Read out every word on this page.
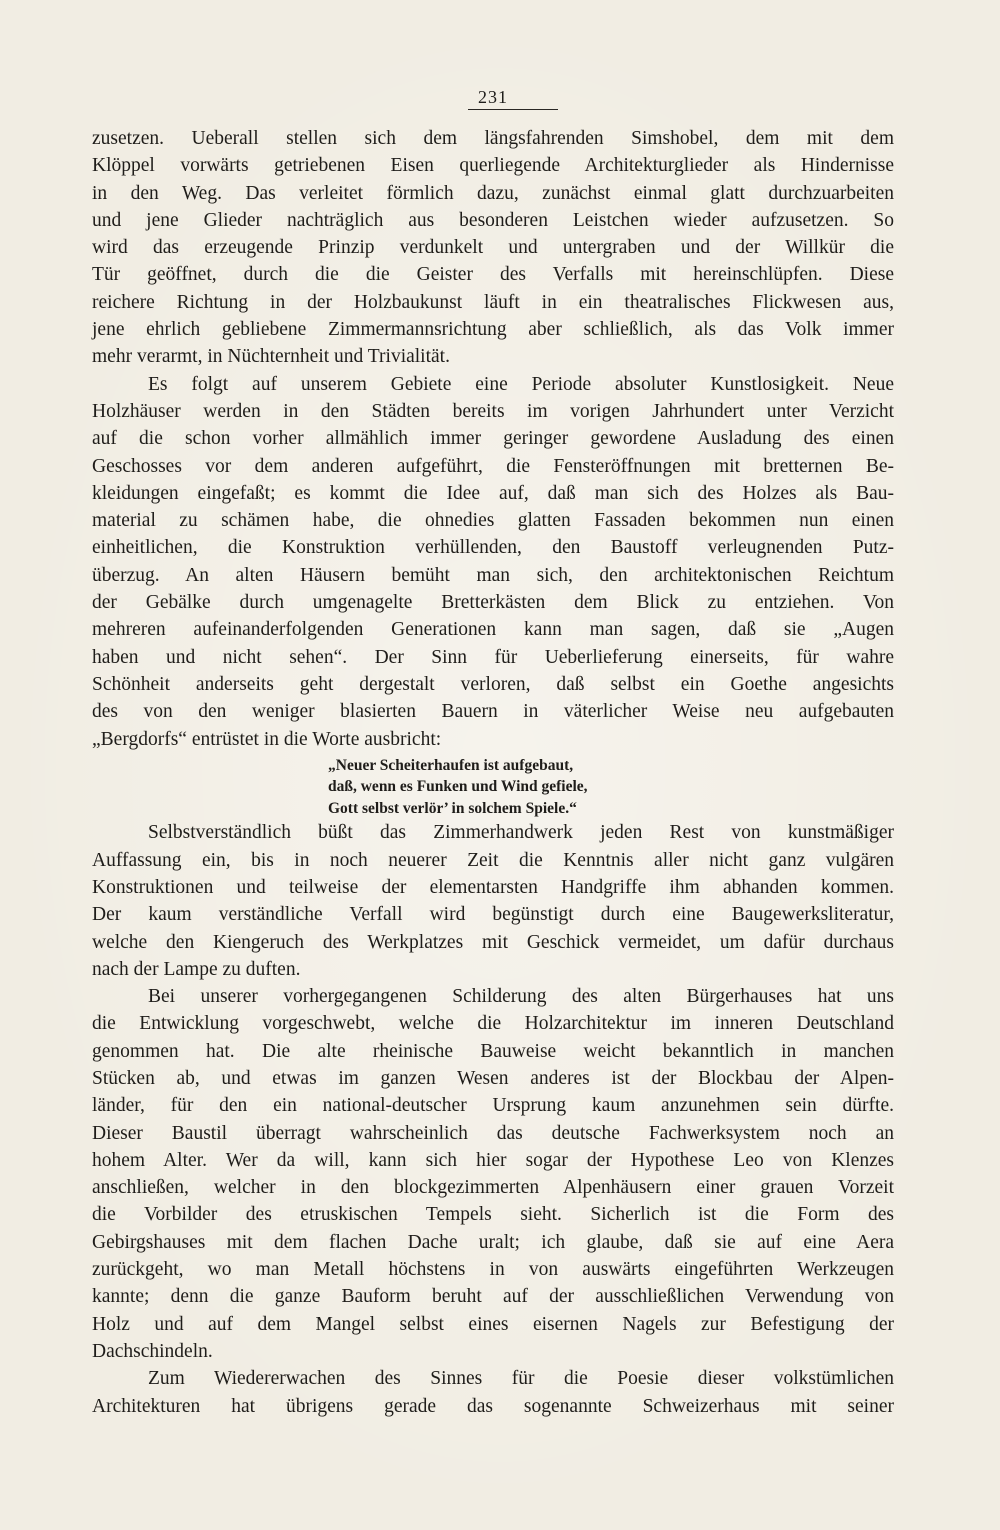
231

zusetzen. Ueberall stellen sich dem längsfahrenden Simshobel, dem mit dem
Klöppel vorwärts getriebenen Eisen querliegende Architekturglieder als Hindernisse
in den Weg. Das verleitet förmlich dazu, zunächst einmal glatt durchzuarbeiten
und jene Glieder nachträglich aus besonderen Leistchen wieder aufzusetzen. So
wird das erzeugende Prinzip verdunkelt und untergraben und der Willkür die
Tür geöffnet, durch die die Geister des Verfalls mit hereinschlüpfen. Diese
reichere Richtung in der Holzbaukunst läuft in ein theatralisches Flickwesen aus,
jene ehrlich gebliebene Zimmermannsrichtung aber schließlich, als das Volk immer
mehr verarmt, in Nüchternheit und Trivialität.

Es folgt auf unserem Gebiete eine Periode absoluter Kunstlosigkeit. Neue
Holzhäuser werden in den Städten bereits im vorigen Jahrhundert unter Verzicht
auf die schon vorher allmählich immer geringer gewordene Ausladung des einen
Geschosses vor dem anderen aufgeführt, die Fensteröffnungen mit bretternen Be-
kleidungen eingefaßt; es kommt die Idee auf, daß man sich des Holzes als Bau-
material zu schämen habe, die ohnedies glatten Fassaden bekommen nun einen
einheitlichen, die Konstruktion verhüllenden, den Baustoff verleugnenden Putz-
überzug. An alten Häusern bemüht man sich, den architektonischen Reichtum
der Gebälke durch umgenagelte Bretterkästen dem Blick zu entziehen. Von
mehreren aufeinanderfolgenden Generationen kann man sagen, daß sie „Augen
haben und nicht sehen“. Der Sinn für Ueberlieferung einerseits, für wahre
Schönheit anderseits geht dergestalt verloren, daß selbst ein Goethe angesichts
des von den weniger blasierten Bauern in väterlicher Weise neu aufgebauten
„Bergdorfs“ entrüstet in die Worte ausbricht:

„Neuer Scheiterhaufen ist aufgebaut,
daß, wenn es Funken und Wind gefiele,
Gott selbst verlör’ in solchem Spiele.“

Selbstverständlich büßt das Zimmerhandwerk jeden Rest von kunstmäßiger
Auffassung ein, bis in noch neuerer Zeit die Kenntnis aller nicht ganz vulgären
Konstruktionen und teilweise der elementarsten Handgriffe ihm abhanden kommen.
Der kaum verständliche Verfall wird begünstigt durch eine Baugewerksliteratur,
welche den Kiengeruch des Werkplatzes mit Geschick vermeidet, um dafür durchaus
nach der Lampe zu duften.

Bei unserer vorhergegangenen Schilderung des alten Bürgerhauses hat uns
die Entwicklung vorgeschwebt, welche die Holzarchitektur im inneren Deutschland
genommen hat. Die alte rheinische Bauweise weicht bekanntlich in manchen
Stücken ab, und etwas im ganzen Wesen anderes ist der Blockbau der Alpen-
länder, für den ein national-deutscher Ursprung kaum anzunehmen sein dürfte.
Dieser Baustil überragt wahrscheinlich das deutsche Fachwerksystem noch an
hohem Alter. Wer da will, kann sich hier sogar der Hypothese Leo von Klenzes
anschließen, welcher in den blockgezimmerten Alpenhäusern einer grauen Vorzeit
die Vorbilder des etruskischen Tempels sieht. Sicherlich ist die Form des
Gebirgshauses mit dem flachen Dache uralt; ich glaube, daß sie auf eine Aera
zurückgeht, wo man Metall höchstens in von auswärts eingeführten Werkzeugen
kannte; denn die ganze Bauform beruht auf der ausschließlichen Verwendung von
Holz und auf dem Mangel selbst eines eisernen Nagels zur Befestigung der
Dachschindeln.

Zum Wiedererwachen des Sinnes für die Poesie dieser volkstümlichen
Architekturen hat übrigens gerade das sogenannte Schweizerhaus mit seiner
